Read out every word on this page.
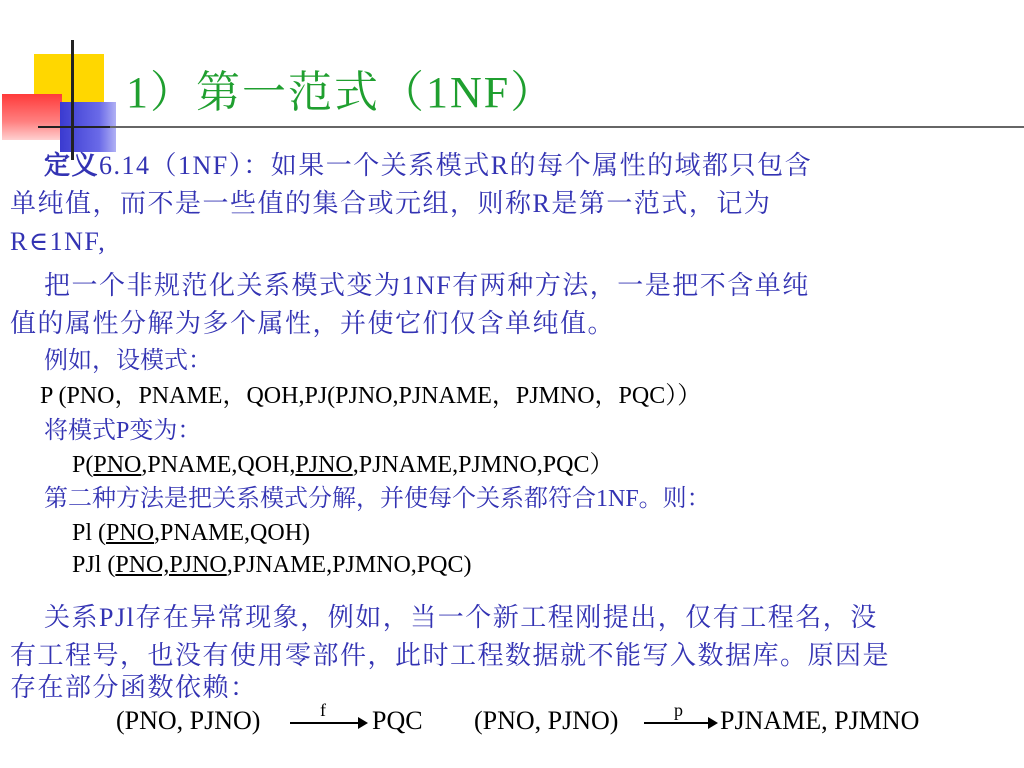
1）第一范式（1NF）
定义6.14（1NF）：如果一个关系模式R的每个属性的域都只包含
单纯值，而不是一些值的集合或元组，则称R是第一范式，记为
R∈1NF,
把一个非规范化关系模式变为1NF有两种方法，一是把不含单纯
值的属性分解为多个属性，并使它们仅含单纯值。
例如，设模式：
P (PNO，PNAME，QOH,PJ(PJNO,PJNAME，PJMNO，PQC））
将模式P变为：
P(PNO,PNAME,QOH,PJNO,PJNAME,PJMNO,PQC）
第二种方法是把关系模式分解，并使每个关系都符合1NF。则：
Pl (PNO,PNAME,QOH)
PJl (PNO,PJNO,PJNAME,PJMNO,PQC)
关系PJl存在异常现象，例如，当一个新工程刚提出，仅有工程名，没
有工程号，也没有使用零部件，此时工程数据就不能写入数据库。原因是
存在部分函数依赖：
(PNO, PJNO)	f PQC (PNO, PJNO)	p PJNAME, PJMNO
